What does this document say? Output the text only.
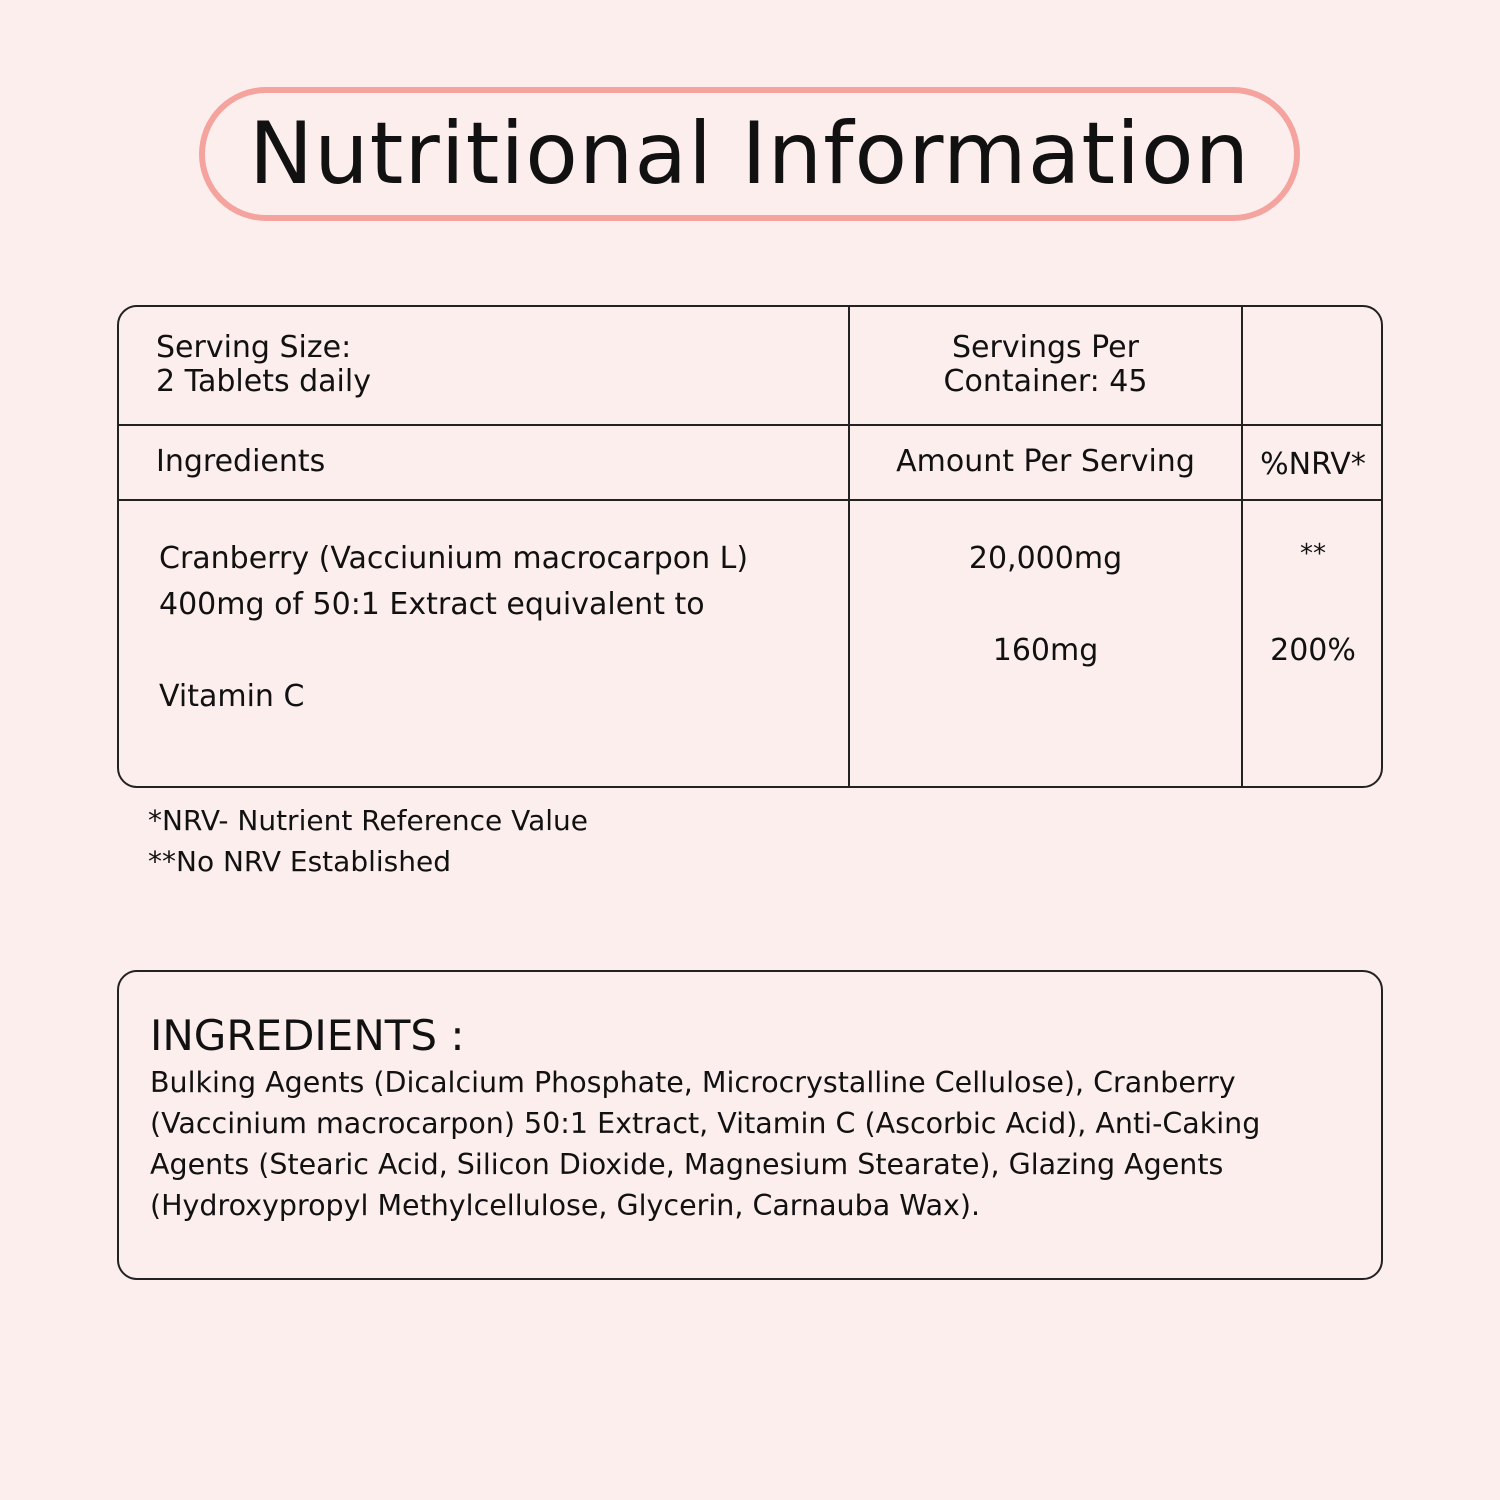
Nutritional Information
Serving Size:
2 Tablets daily
Servings Per
Container: 45
Ingredients	Amount Per Serving	%NRV*
Cranberry (Vacciunium macrocarpon L)
400mg of 50:1 Extract equivalent to
Vitamin C
20,000mg
160mg
**
200%
*NRV- Nutrient Reference Value
**No NRV Established
INGREDIENTS :

Bulking Agents (Dicalcium Phosphate, Microcrystalline Cellulose), Cranberry (Vaccinium macrocarpon) 50:1 Extract, Vitamin C (Ascorbic Acid), Anti-Caking Agents (Stearic Acid, Silicon Dioxide, Magnesium Stearate), Glazing Agents (Hydroxypropyl Methylcellulose, Glycerin, Carnauba Wax).
